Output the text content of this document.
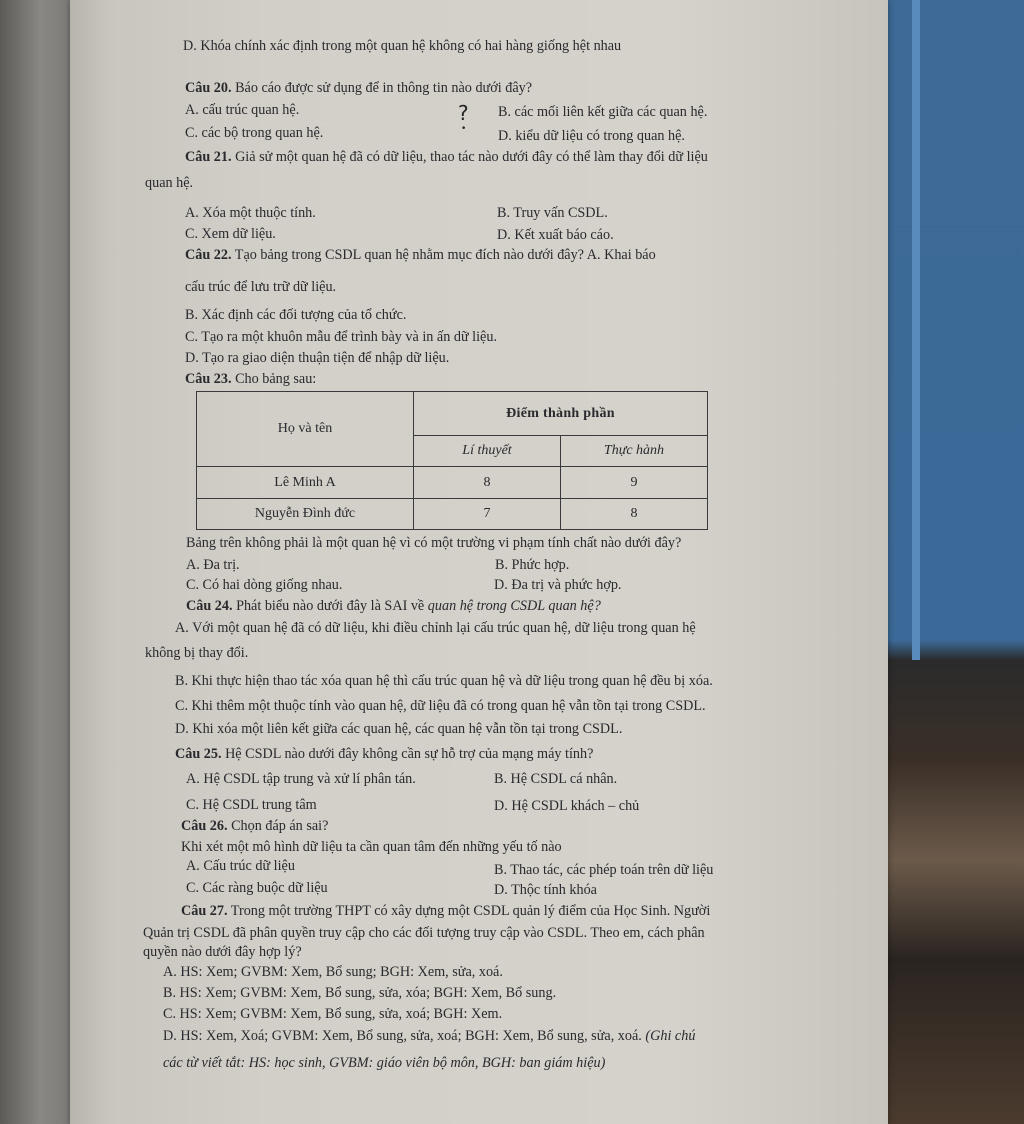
D. Khóa chính xác định trong một quan hệ không có hai hàng giống hệt nhau
Câu 20. Báo cáo được sử dụng để in thông tin nào dưới đây?
A. cấu trúc quan hệ.	? B. các mối liên kết giữa các quan hệ.
C. các bộ trong quan hệ.	• D. kiểu dữ liệu có trong quan hệ.
Câu 21. Giả sử một quan hệ đã có dữ liệu, thao tác nào dưới đây có thể làm thay đổi dữ liệu
quan hệ.
A. Xóa một thuộc tính.	B. Truy vấn CSDL.
C. Xem dữ liệu.	D. Kết xuất báo cáo.
Câu 22. Tạo bảng trong CSDL quan hệ nhằm mục đích nào dưới đây? A. Khai báo
cấu trúc để lưu trữ dữ liệu.
B. Xác định các đối tượng của tổ chức.
C. Tạo ra một khuôn mẫu để trình bày và in ấn dữ liệu.
D. Tạo ra giao diện thuận tiện để nhập dữ liệu.
Câu 23. Cho bảng sau:
Họ và tên	Điểm thành phần	
	Lí thuyết	Thực hành
Lê Minh A	8	9
Nguyễn Đình đức	7	8
Bảng trên không phải là một quan hệ vì có một trường vi phạm tính chất nào dưới đây?
A. Đa trị.	B. Phức hợp.
C. Có hai dòng giống nhau.	D. Đa trị và phức hợp.
Câu 24. Phát biểu nào dưới đây là SAI về quan hệ trong CSDL quan hệ?
A. Với một quan hệ đã có dữ liệu, khi điều chỉnh lại cấu trúc quan hệ, dữ liệu trong quan hệ
không bị thay đổi.
B. Khi thực hiện thao tác xóa quan hệ thì cấu trúc quan hệ và dữ liệu trong quan hệ đều bị xóa.
C. Khi thêm một thuộc tính vào quan hệ, dữ liệu đã có trong quan hệ vẫn tồn tại trong CSDL.
D. Khi xóa một liên kết giữa các quan hệ, các quan hệ vẫn tồn tại trong CSDL.
Câu 25. Hệ CSDL nào dưới đây không cần sự hỗ trợ của mạng máy tính?
A. Hệ CSDL tập trung và xử lí phân tán.	B. Hệ CSDL cá nhân.
C. Hệ CSDL trung tâm	D. Hệ CSDL khách – chủ
Câu 26. Chọn đáp án sai?
Khi xét một mô hình dữ liệu ta cần quan tâm đến những yếu tố nào
A. Cấu trúc dữ liệu	B. Thao tác, các phép toán trên dữ liệu
C. Các ràng buộc dữ liệu	D. Thộc tính khóa
Câu 27. Trong một trường THPT có xây dựng một CSDL quản lý điểm của Học Sinh. Người
Quản trị CSDL đã phân quyền truy cập cho các đối tượng truy cập vào CSDL. Theo em, cách phân
quyền nào dưới đây hợp lý?
A. HS: Xem; GVBM: Xem, Bổ sung; BGH: Xem, sửa, xoá.
B. HS: Xem; GVBM: Xem, Bổ sung, sửa, xóa; BGH: Xem, Bổ sung.
C. HS: Xem; GVBM: Xem, Bổ sung, sửa, xoá; BGH: Xem.
D. HS: Xem, Xoá; GVBM: Xem, Bổ sung, sửa, xoá; BGH: Xem, Bổ sung, sửa, xoá. (Ghi chú
các từ viết tắt: HS: học sinh, GVBM: giáo viên bộ môn, BGH: ban giám hiệu)
